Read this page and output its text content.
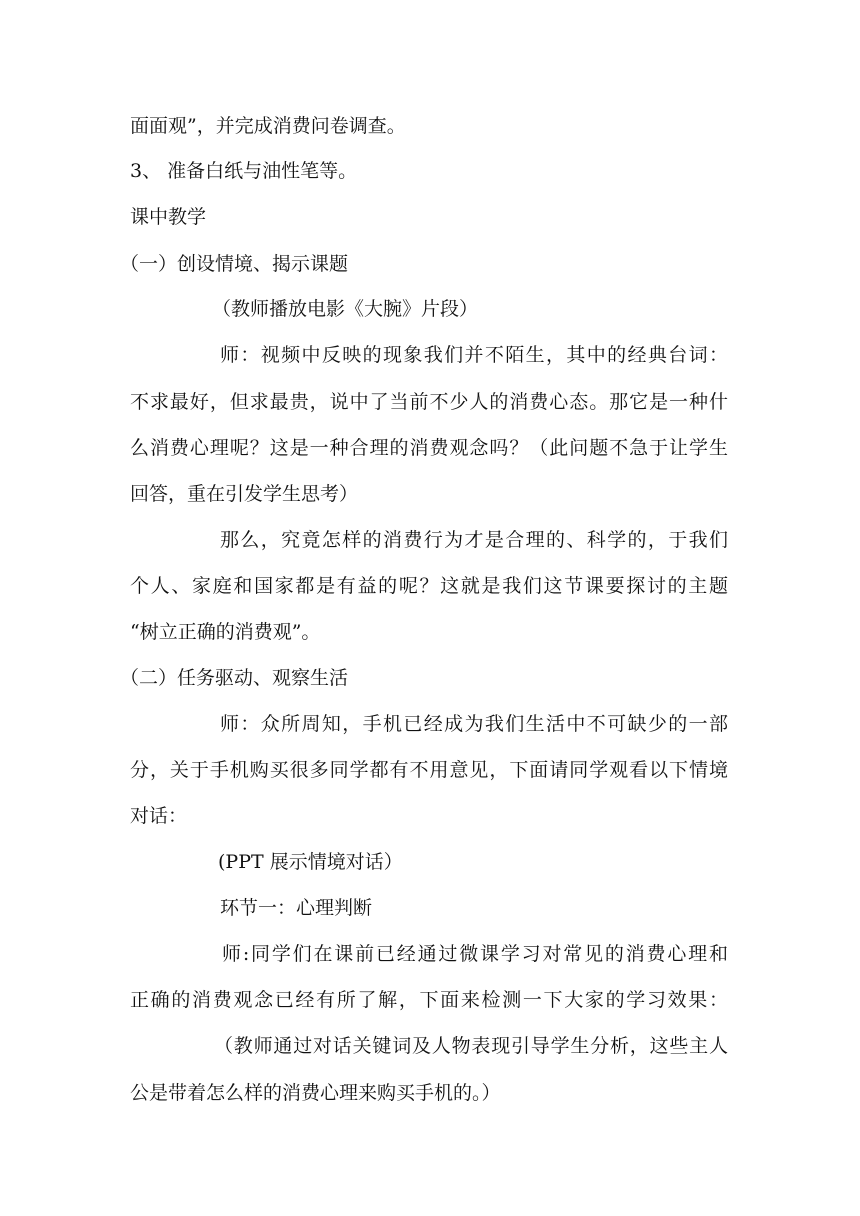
面面观”，并完成消费问卷调查。
3、 准备白纸与油性笔等。
课中教学
（一）创设情境、揭示课题
（教师播放电影《大腕》片段）
师：视频中反映的现象我们并不陌生，其中的经典台词：
不求最好，但求最贵，说中了当前不少人的消费心态。那它是一种什
么消费心理呢？这是一种合理的消费观念吗？（此问题不急于让学生
回答，重在引发学生思考）
那么，究竟怎样的消费行为才是合理的、科学的，于我们
个人、家庭和国家都是有益的呢？这就是我们这节课要探讨的主题
“树立正确的消费观”。
（二）任务驱动、观察生活
师：众所周知，手机已经成为我们生活中不可缺少的一部
分，关于手机购买很多同学都有不用意见，下面请同学观看以下情境
对话：
(PPT 展示情境对话）
环节一：心理判断
师:同学们在课前已经通过微课学习对常见的消费心理和
正确的消费观念已经有所了解，下面来检测一下大家的学习效果：
（教师通过对话关键词及人物表现引导学生分析，这些主人
公是带着怎么样的消费心理来购买手机的。）
